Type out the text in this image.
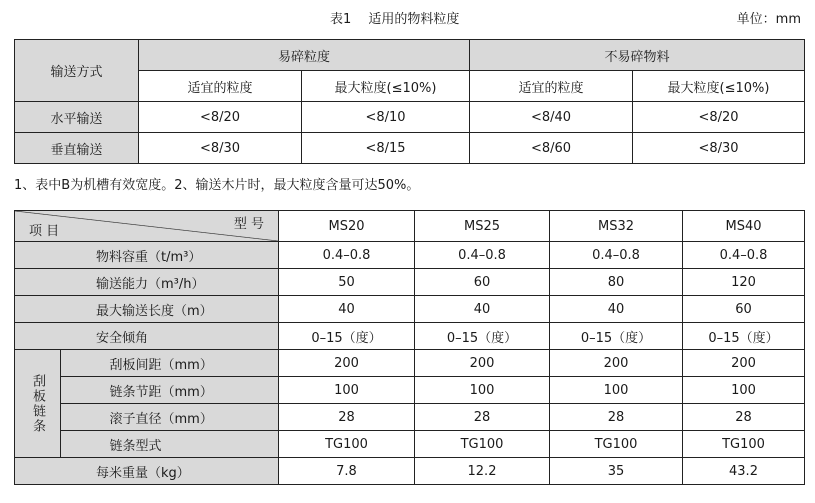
表1　 适用的物料粒度	单位：mm
输送方式	易碎粒度		不易碎物料	
	适宜的粒度	最大粒度(≤10%)	适宜的粒度	最大粒度(≤10%)
水平输送	<8/20	<8/10	<8/40	<8/20
垂直输送	<8/30	<8/15	<8/60	<8/30
1、表中B为机槽有效宽度。2、输送木片时，最大粒度含量可达50%。
型 号
项 目		MS20	MS25	MS32	MS40
物料容重（t/m³）		0.4–0.8	0.4–0.8	0.4–0.8	0.4–0.8
输送能力（m³/h）		50	60	80	120
最大输送长度（m）		40	40	40	60
安全倾角		0–15（度）	0–15（度）	0–15（度）	0–15（度）

刮板链条	刮板间距（mm）	200	200	200	200
	链条节距（mm）	100	100	100	100
	滚子直径（mm）	28	28	28	28
	链条型式	TG100	TG100	TG100	TG100
每米重量（kg）		7.8	12.2	35	43.2
